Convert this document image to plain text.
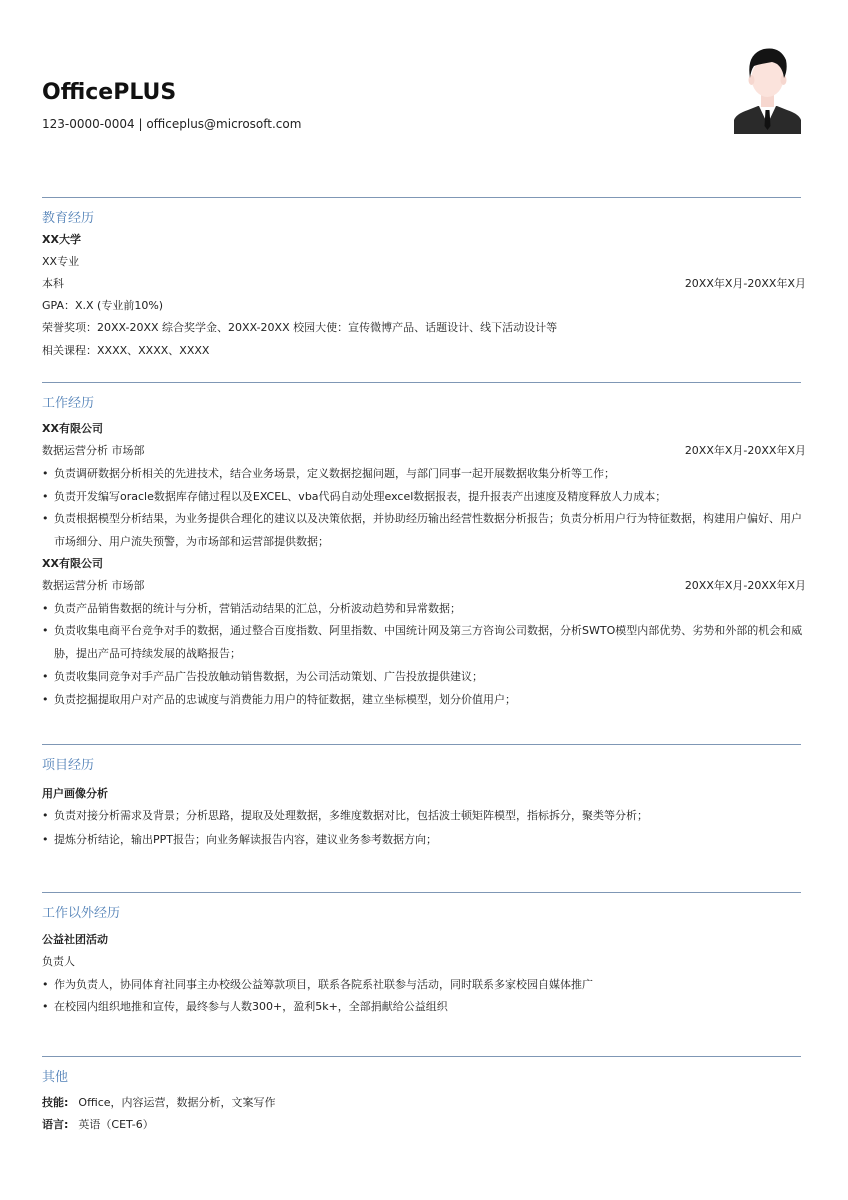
OfficePLUS
123-0000-0004 | officeplus@microsoft.com
教育经历
XX大学
XX专业
本科	20XX年X月-20XX年X月
GPA：X.X (专业前10%)
荣誉奖项：20XX-20XX 综合奖学金、20XX-20XX 校园大使：宣传微博产品、话题设计、线下活动设计等
相关课程：XXXX、XXXX、XXXX
工作经历
XX有限公司
数据运营分析 市场部	20XX年X月-20XX年X月
• 负责调研数据分析相关的先进技术，结合业务场景，定义数据挖掘问题，与部门同事一起开展数据收集分析等工作；
• 负责开发编写oracle数据库存储过程以及EXCEL、vba代码自动处理excel数据报表，提升报表产出速度及精度释放人力成本；
• 负责根据模型分析结果，为业务提供合理化的建议以及决策依据，并协助经历输出经营性数据分析报告；负责分析用户行为特征数据，构建用户偏好、用户市场细分、用户流失预警，为市场部和运营部提供数据；
XX有限公司
数据运营分析 市场部	20XX年X月-20XX年X月
• 负责产品销售数据的统计与分析，营销活动结果的汇总，分析波动趋势和异常数据；
• 负责收集电商平台竞争对手的数据，通过整合百度指数、阿里指数、中国统计网及第三方咨询公司数据，分析SWTO模型内部优势、劣势和外部的机会和威胁，提出产品可持续发展的战略报告；
• 负责收集同竞争对手产品广告投放触动销售数据，为公司活动策划、广告投放提供建议；
• 负责挖掘提取用户对产品的忠诚度与消费能力用户的特征数据，建立坐标模型，划分价值用户；
项目经历
用户画像分析
• 负责对接分析需求及背景；分析思路，提取及处理数据，多维度数据对比，包括波士顿矩阵模型，指标拆分，聚类等分析；
• 提炼分析结论，输出PPT报告；向业务解读报告内容，建议业务参考数据方向；
工作以外经历
公益社团活动
负责人
• 作为负责人，协同体育社同事主办校级公益筹款项目，联系各院系社联参与活动，同时联系多家校园自媒体推广
• 在校园内组织地推和宣传，最终参与人数300+，盈利5k+，全部捐献给公益组织
其他
技能: Office，内容运营，数据分析，文案写作
语言: 英语（CET-6）
